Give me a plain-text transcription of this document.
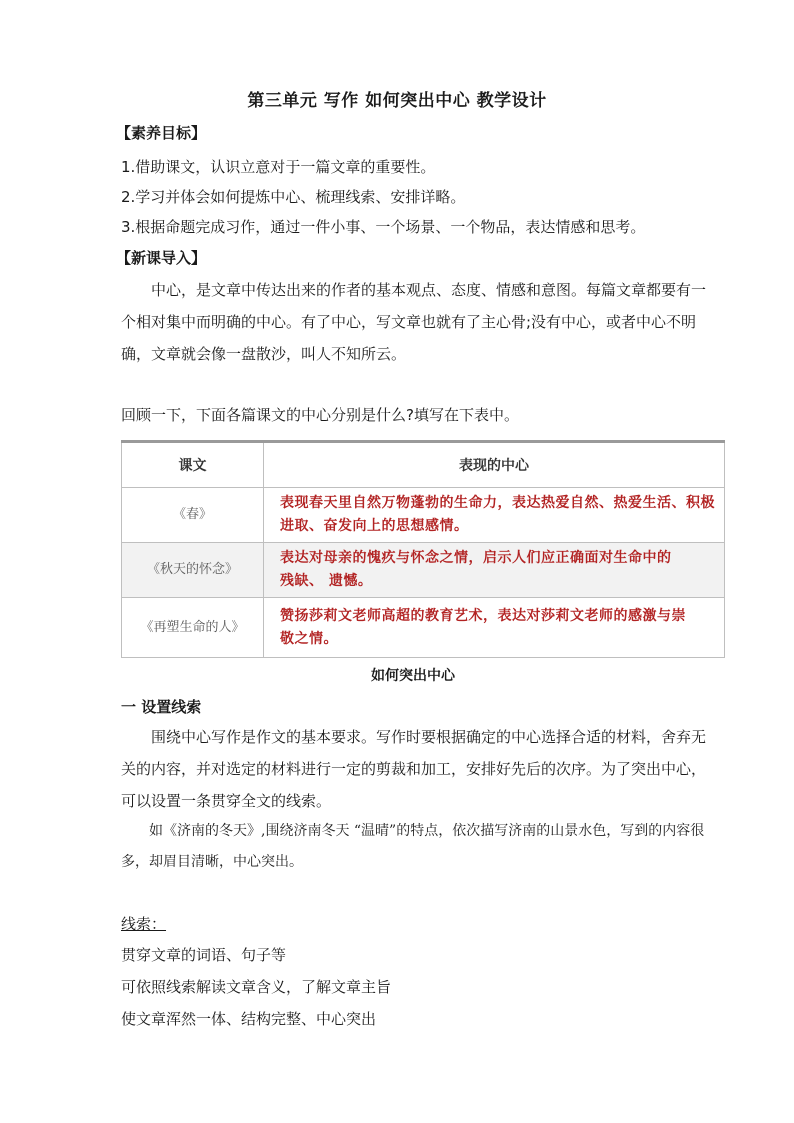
第三单元 写作 如何突出中心 教学设计
【素养目标】
1.借助课文，认识立意对于一篇文章的重要性。
2.学习并体会如何提炼中心、梳理线索、安排详略。
3.根据命题完成习作，通过一件小事、一个场景、一个物品，表达情感和思考。
【新课导入】
中心，是文章中传达出来的作者的基本观点、态度、情感和意图。每篇文章都要有一个相对集中而明确的中心。有了中心，写文章也就有了主心骨;没有中心，或者中心不明确，文章就会像一盘散沙，叫人不知所云。
回顾一下，下面各篇课文的中心分别是什么?填写在下表中。
课文	表现的中心
《春》	表现春天里自然万物蓬勃的生命力，表达热爱自然、热爱生活、积极进取、奋发向上的思想感情。
《秋天的怀念》	表达对母亲的愧疚与怀念之情，启示人们应正确面对生命中的残缺、 遗憾。
《再塑生命的人》	赞扬莎莉文老师高超的教育艺术，表达对莎莉文老师的感激与崇敬之情。
如何突出中心
一 设置线索
围绕中心写作是作文的基本要求。写作时要根据确定的中心选择合适的材料，舍弃无关的内容，并对选定的材料进行一定的剪裁和加工，安排好先后的次序。为了突出中心，可以设置一条贯穿全文的线索。
如《济南的冬天》,围绕济南冬天 “温晴”的特点，依次描写济南的山景水色，写到的内容很多，却眉目清晰，中心突出。
线索：
贯穿文章的词语、句子等
可依照线索解读文章含义，了解文章主旨
使文章浑然一体、结构完整、中心突出
